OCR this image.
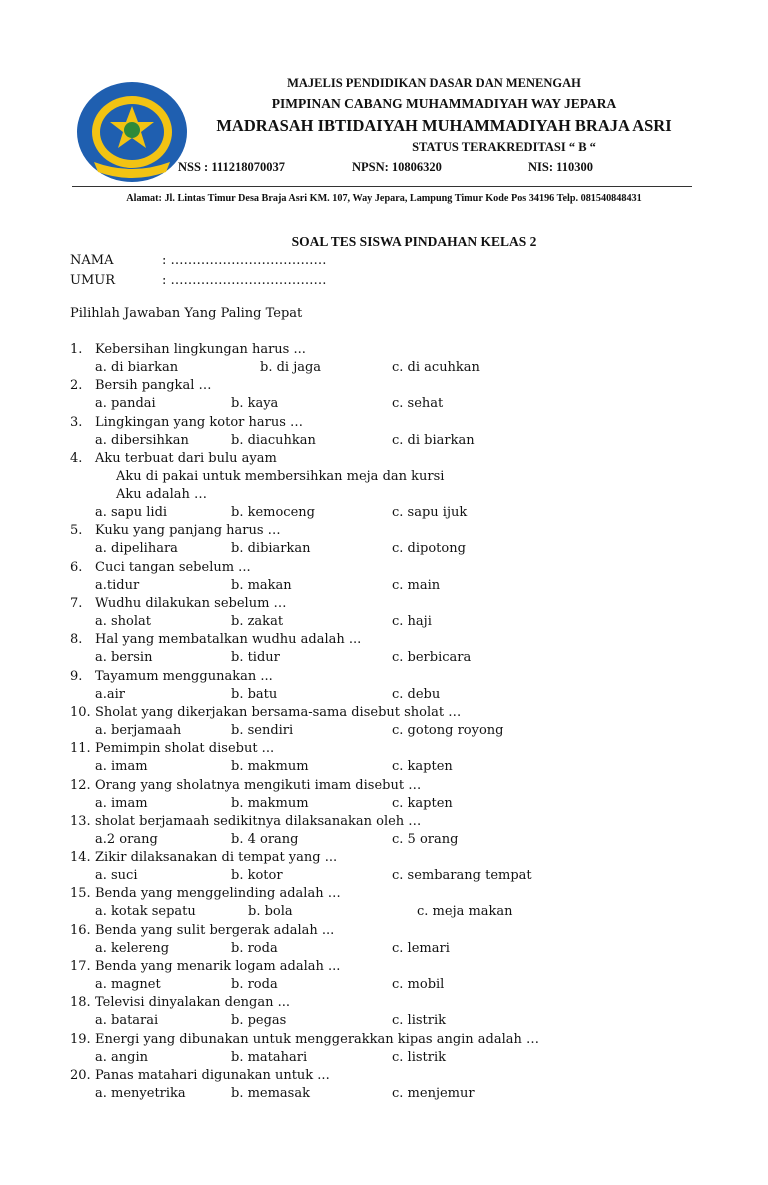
MAJELIS PENDIDIKAN DASAR DAN MENENGAH
PIMPINAN CABANG MUHAMMADIYAH WAY JEPARA
MADRASAH IBTIDAIYAH MUHAMMADIYAH BRAJA ASRI
STATUS TERAKREDITASI “ B “
NSS : 111218070037	NPSN: 10806320	NIS: 110300
Alamat: Jl. Lintas Timur Desa Braja Asri KM. 107, Way Jepara, Lampung Timur Kode Pos 34196 Telp. 081540848431
SOAL TES SISWA PINDAHAN KELAS 2
NAMA	: ………………………………
UMUR	: ………………………………
Pilihlah Jawaban Yang Paling Tepat
1. Kebersihan lingkungan harus ...
a. di biarkan	b. di jaga	c. di acuhkan
2. Bersih pangkal …
a. pandai	b. kaya	c. sehat
3. Lingkingan yang kotor harus …
a. dibersihkan	b. diacuhkan	c. di biarkan
4. Aku terbuat dari bulu ayam
Aku di pakai untuk membersihkan meja dan kursi
Aku adalah …
a. sapu lidi	b. kemoceng	c. sapu ijuk
5. Kuku yang panjang harus …
a. dipelihara	b. dibiarkan	c. dipotong
6. Cuci tangan sebelum ...
a.tidur	b. makan	c. main
7. Wudhu dilakukan sebelum …
a. sholat	b. zakat	c. haji
8. Hal yang membatalkan wudhu adalah ...
a. bersin	b. tidur	c. berbicara
9. Tayamum menggunakan ...
a.air	b. batu	c. debu
10. Sholat yang dikerjakan bersama-sama disebut sholat …
a. berjamaah	b. sendiri	c. gotong royong
11. Pemimpin sholat disebut ...
a. imam	b. makmum	c. kapten
12. Orang yang sholatnya mengikuti imam disebut …
a. imam	b. makmum	c. kapten
13. sholat berjamaah sedikitnya dilaksanakan oleh …
a.2 orang	b. 4 orang	c. 5 orang
14. Zikir dilaksanakan di tempat yang ...
a. suci	b. kotor	c. sembarang tempat
15. Benda yang menggelinding adalah …
a. kotak sepatu	b. bola	c. meja makan
16. Benda yang sulit bergerak adalah ...
a. kelereng	b. roda	c. lemari
17. Benda yang menarik logam adalah ...
a. magnet	b. roda	c. mobil
18. Televisi dinyalakan dengan ...
a. batarai	b. pegas	c. listrik
19. Energi yang dibunakan untuk menggerakkan kipas angin adalah …
a. angin	b. matahari	c. listrik
20. Panas matahari digunakan untuk ...
a. menyetrika	b. memasak	c. menjemur
